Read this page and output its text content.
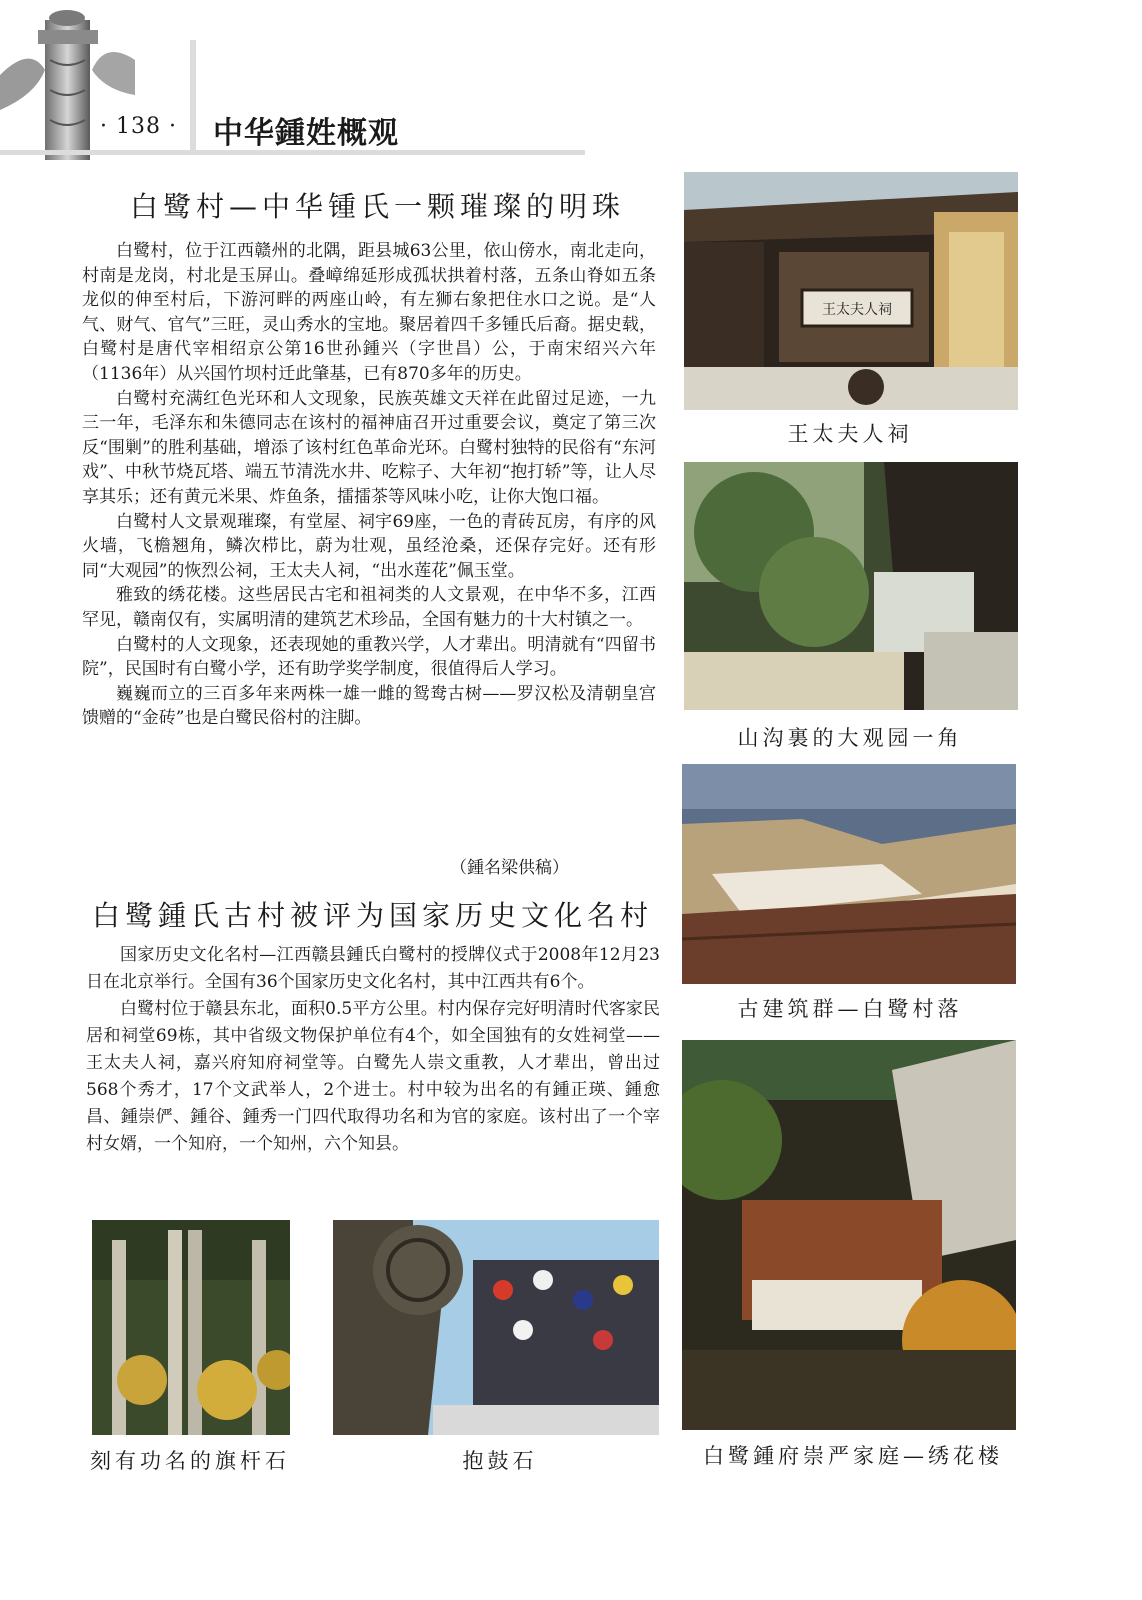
· 138 · 中华鍾姓概观
白鹭村—中华锺氏一颗璀璨的明珠

白鹭村，位于江西赣州的北隅，距县城63公里，依山傍水，南北走向，村南是龙岗，村北是玉屏山。叠嶂绵延形成孤状拱着村落，五条山脊如五条龙似的伸至村后，下游河畔的两座山岭，有左狮右象把住水口之说。是“人气、财气、官气”三旺，灵山秀水的宝地。聚居着四千多锺氏后裔。据史载，白鹭村是唐代宰相绍京公第16世孙鍾兴（字世昌）公，于南宋绍兴六年（1136年）从兴国竹坝村迁此肇基，已有870多年的历史。

白鹭村充满红色光环和人文现象，民族英雄文天祥在此留过足迹，一九三一年，毛泽东和朱德同志在该村的福神庙召开过重要会议，奠定了第三次反“围剿”的胜利基础，增添了该村红色革命光环。白鹭村独特的民俗有“东河戏”、中秋节烧瓦塔、端五节清洗水井、吃粽子、大年初“抱打轿”等，让人尽享其乐；还有黄元米果、炸鱼条，擂擂茶等风味小吃，让你大饱口福。

白鹭村人文景观璀璨，有堂屋、祠宇69座，一色的青砖瓦房，有序的风火墙，飞檐翘角，鳞次栉比，蔚为壮观，虽经沧桑，还保存完好。还有形同“大观园”的恢烈公祠，王太夫人祠，“出水莲花”佩玉堂。

雅致的绣花楼。这些居民古宅和祖祠类的人文景观，在中华不多，江西罕见，赣南仅有，实属明清的建筑艺术珍品，全国有魅力的十大村镇之一。

白鹭村的人文现象，还表现她的重教兴学，人才辈出。明清就有“四留书院”，民国时有白鹭小学，还有助学奖学制度，很值得后人学习。

巍巍而立的三百多年来两株一雄一雌的鸳鸯古树——罗汉松及清朝皇宫馈赠的“金砖”也是白鹭民俗村的注脚。

（鍾名梁供稿）
白鹭鍾氏古村被评为国家历史文化名村

国家历史文化名村—江西赣县鍾氏白鹭村的授牌仪式于2008年12月23日在北京举行。全国有36个国家历史文化名村，其中江西共有6个。

白鹭村位于赣县东北，面积0.5平方公里。村内保存完好明清时代客家民居和祠堂69栋，其中省级文物保护单位有4个，如全国独有的女姓祠堂——王太夫人祠，嘉兴府知府祠堂等。白鹭先人崇文重教，人才辈出，曾出过568个秀才，17个文武举人，2个进士。村中较为出名的有鍾正瑛、鍾愈昌、鍾崇俨、鍾谷、鍾秀一门四代取得功名和为官的家庭。该村出了一个宰村女婿，一个知府，一个知州，六个知县。

王太夫人祠
王太夫人祠
山沟裏的大观园一角
古建筑群—白鹭村落
白鹭鍾府崇严家庭—绣花楼
刻有功名的旗杆石	抱鼓石
